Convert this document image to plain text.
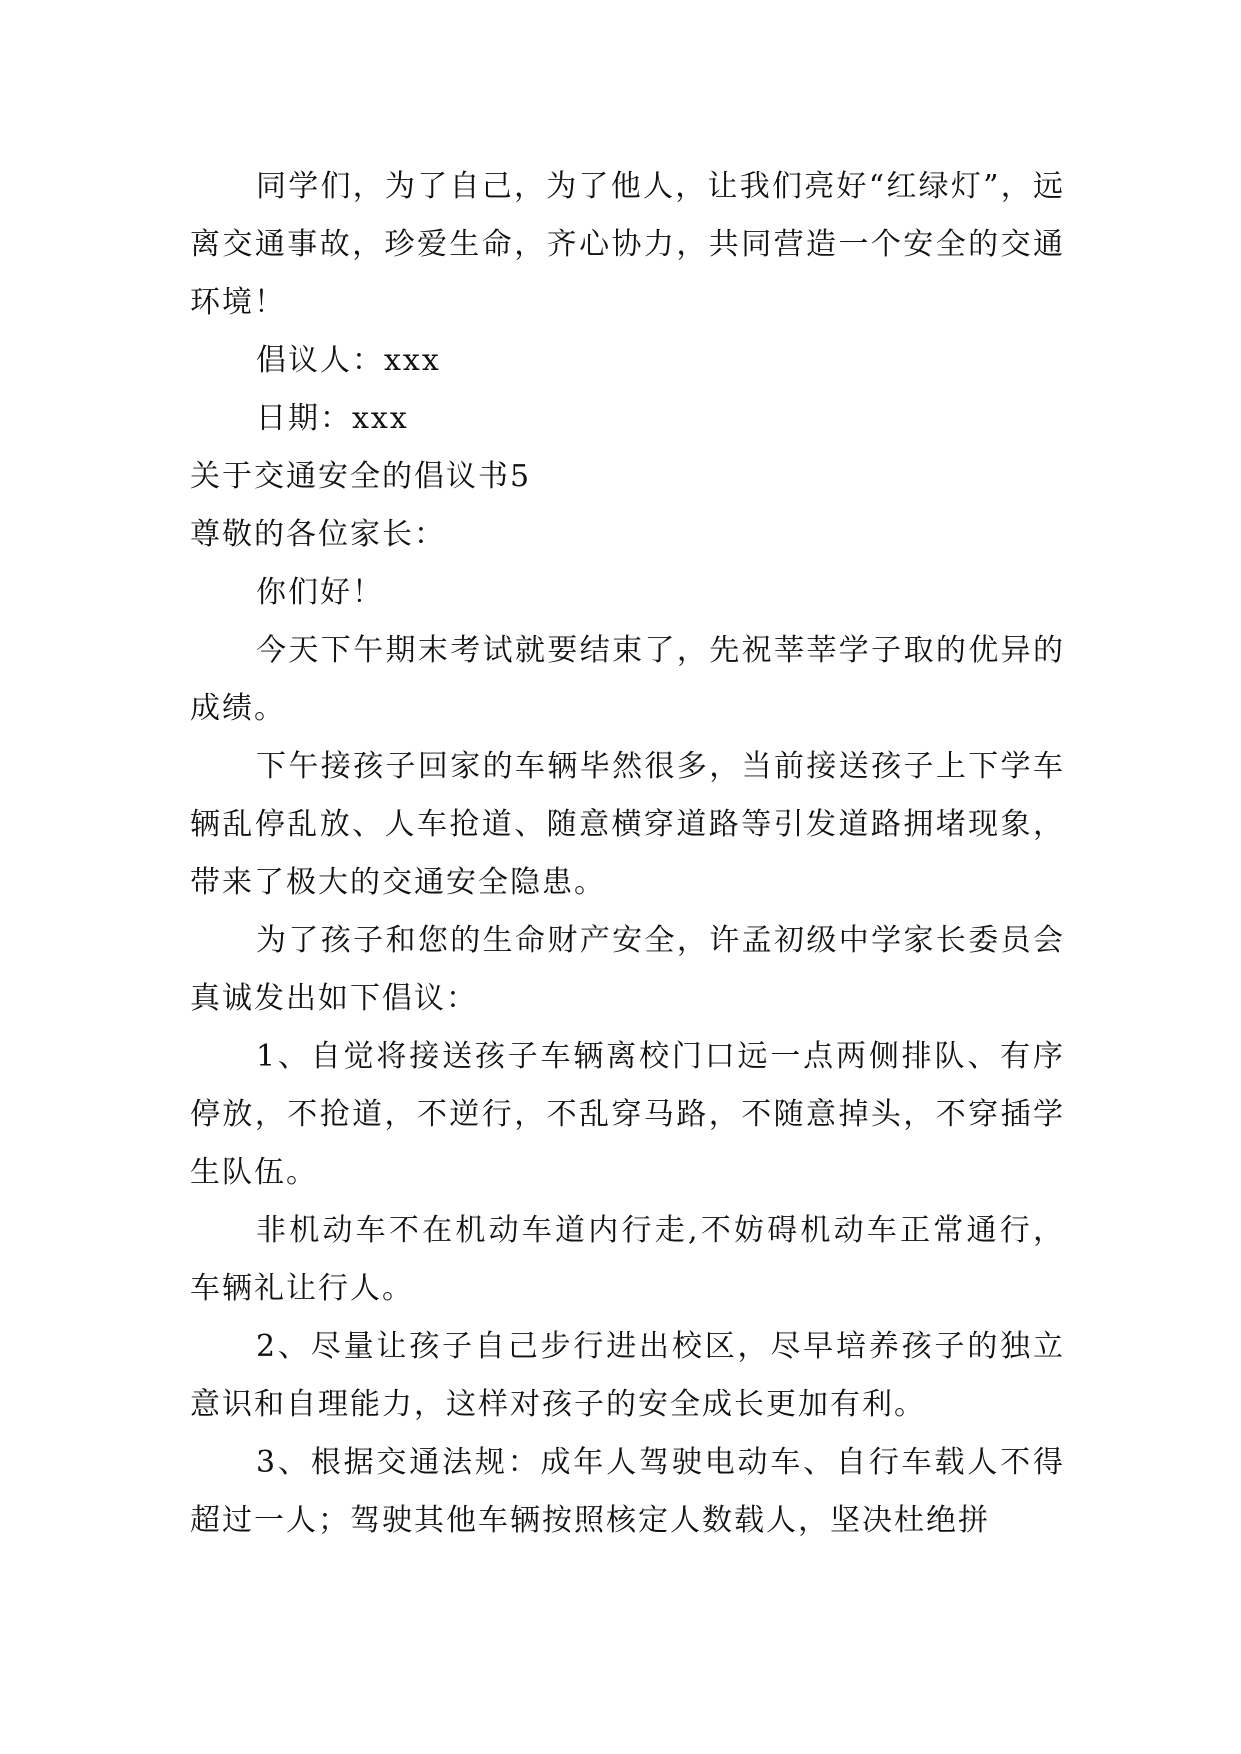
同学们，为了自己，为了他人，让我们亮好“红绿灯”，远离交通事故，珍爱生命，齐心协力，共同营造一个安全的交通环境！

倡议人：xxx

日期：xxx

关于交通安全的倡议书5

尊敬的各位家长：

你们好！

今天下午期末考试就要结束了，先祝莘莘学子取的优异的成绩。

下午接孩子回家的车辆毕然很多，当前接送孩子上下学车辆乱停乱放、人车抢道、随意横穿道路等引发道路拥堵现象，带来了极大的交通安全隐患。

为了孩子和您的生命财产安全，许孟初级中学家长委员会真诚发出如下倡议：

1、自觉将接送孩子车辆离校门口远一点两侧排队、有序停放，不抢道，不逆行，不乱穿马路，不随意掉头，不穿插学生队伍。

非机动车不在机动车道内行走,不妨碍机动车正常通行，车辆礼让行人。

2、尽量让孩子自己步行进出校区，尽早培养孩子的独立意识和自理能力，这样对孩子的安全成长更加有利。

3、根据交通法规：成年人驾驶电动车、自行车载人不得超过一人；驾驶其他车辆按照核定人数载人，坚决杜绝拼
